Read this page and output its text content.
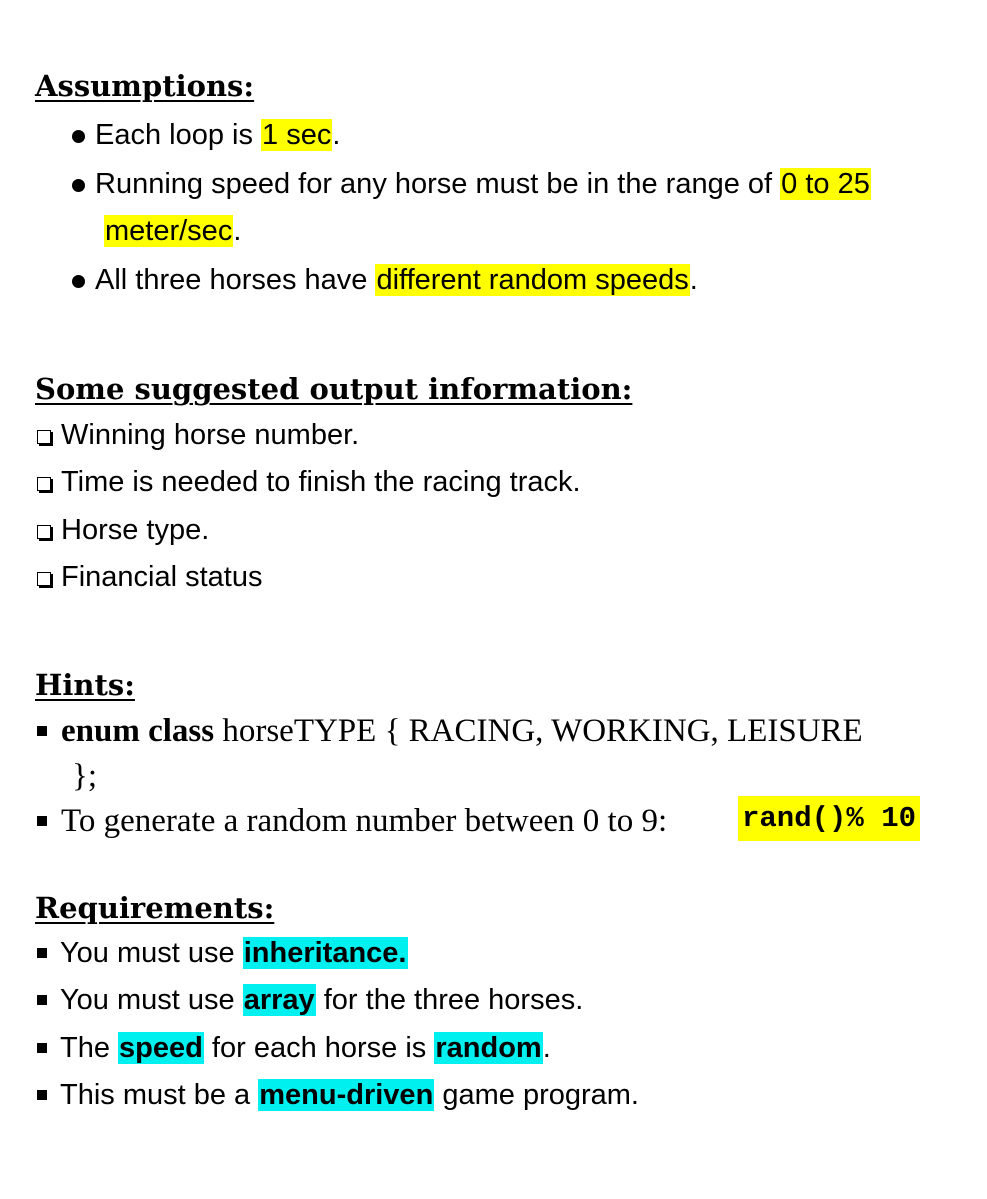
Assumptions:
Each loop is 1 sec.
Running speed for any horse must be in the range of 0 to 25
meter/sec.
All three horses have different random speeds.
Some suggested output information:
Winning horse number.
Time is needed to finish the racing track.
Horse type.
Financial status
Hints:
enum class horseTYPE { RACING, WORKING, LEISURE
};
To generate a random number between 0 to 9:	rand()% 10
Requirements:
You must use inheritance.
You must use array for the three horses.
The speed for each horse is random.
This must be a menu-driven game program.
